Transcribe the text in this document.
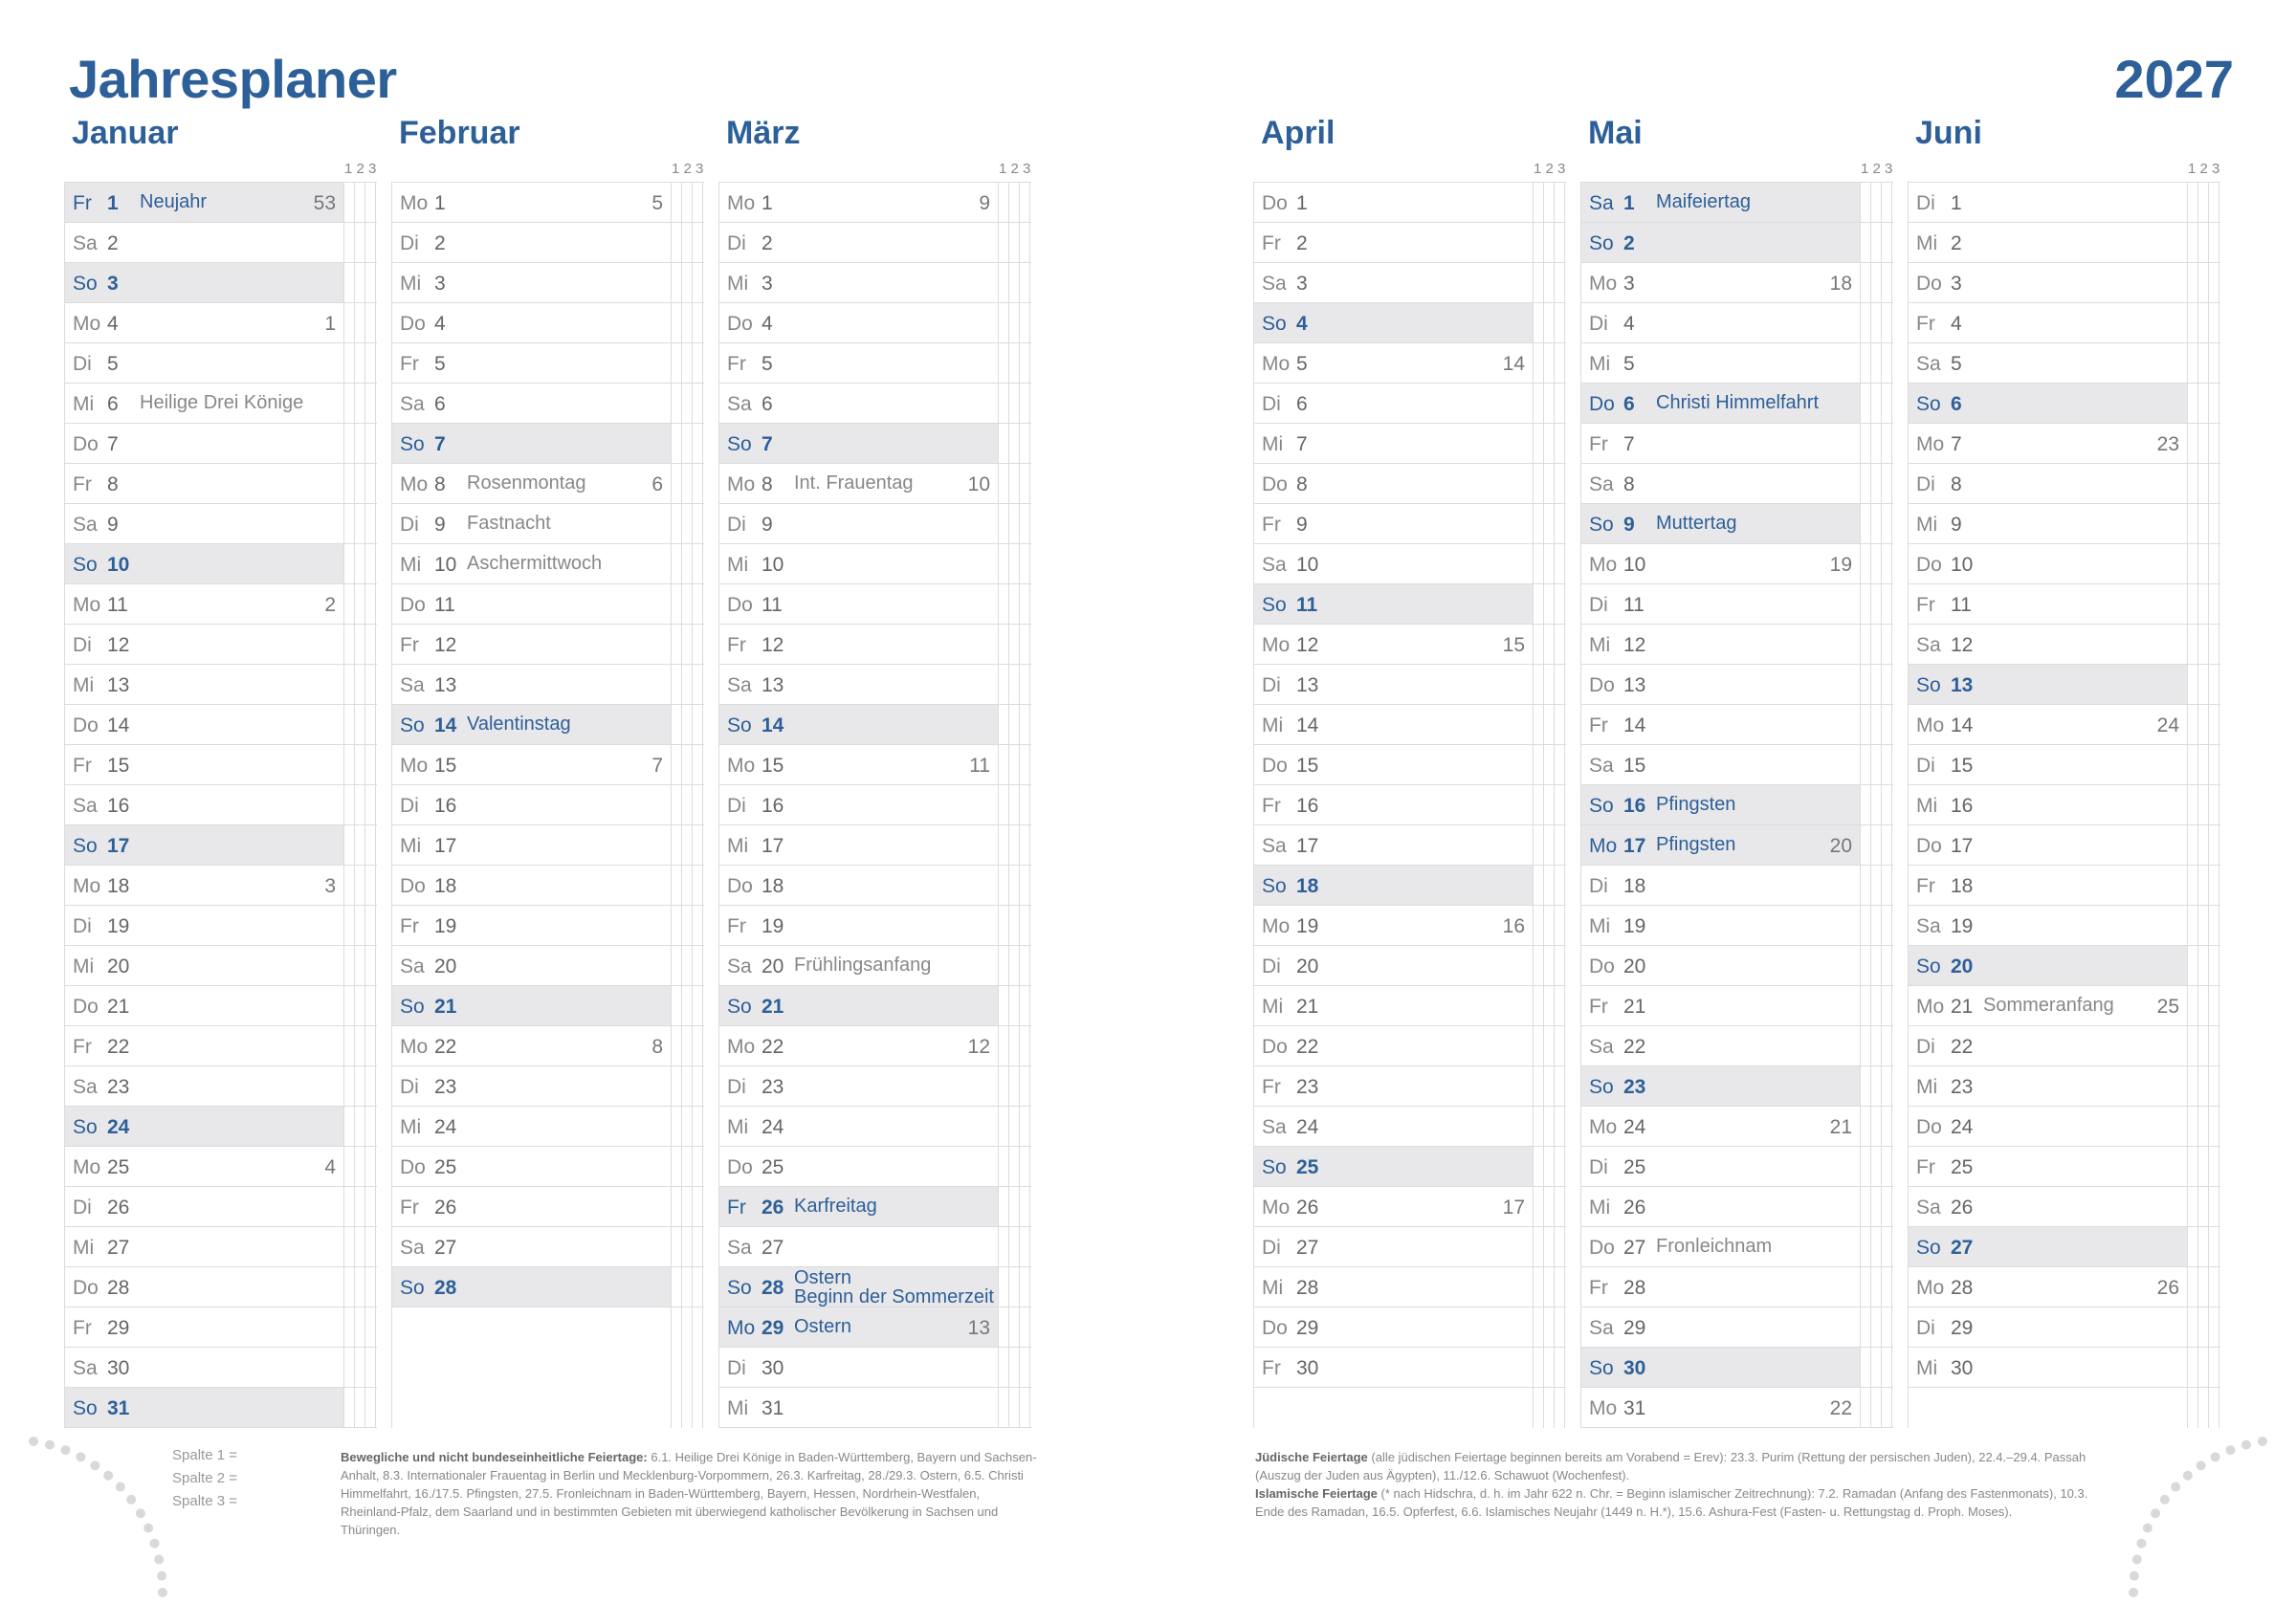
Jahresplaner	2027
Januar
1 2 3
Fr 1 Neujahr	53
Sa 2
So 3
Mo 4	1
Di 5
Mi 6 Heilige Drei Könige
Do 7
Fr 8
Sa 9
So 10
Mo 11	2
Di 12
Mi 13
Do 14
Fr 15
Sa 16
So 17
Mo 18	3
Di 19
Mi 20
Do 21
Fr 22
Sa 23
So 24
Mo 25	4
Di 26
Mi 27
Do 28
Fr 29
Sa 30
So 31
Februar
1 2 3
Mo 1	5
Di 2
Mi 3
Do 4
Fr 5
Sa 6
So 7
Mo 8 Rosenmontag	6
Di 9 Fastnacht
Mi 10 Aschermittwoch
Do 11
Fr 12
Sa 13
So 14 Valentinstag
Mo 15	7
Di 16
Mi 17
Do 18
Fr 19
Sa 20
So 21
Mo 22	8
Di 23
Mi 24
Do 25
Fr 26
Sa 27
So 28
März
1 2 3
Mo 1	9
Di 2
Mi 3
Do 4
Fr 5
Sa 6
So 7
Mo 8 Int. Frauentag	10
Di 9
Mi 10
Do 11
Fr 12
Sa 13
So 14
Mo 15	11
Di 16
Mi 17
Do 18
Fr 19
Sa 20 Frühlingsanfang
So 21
Mo 22	12
Di 23
Mi 24
Do 25
Fr 26 Karfreitag
Sa 27
So 28 Ostern
Beginn der Sommerzeit
Mo 29 Ostern	13
Di 30
Mi 31
April
1 2 3
Do 1
Fr 2
Sa 3
So 4
Mo 5	14
Di 6
Mi 7
Do 8
Fr 9
Sa 10
So 11
Mo 12	15
Di 13
Mi 14
Do 15
Fr 16
Sa 17
So 18
Mo 19	16
Di 20
Mi 21
Do 22
Fr 23
Sa 24
So 25
Mo 26	17
Di 27
Mi 28
Do 29
Fr 30
Mai
1 2 3
Sa 1 Maifeiertag
So 2
Mo 3	18
Di 4
Mi 5
Do 6 Christi Himmelfahrt
Fr 7
Sa 8
So 9 Muttertag
Mo 10	19
Di 11
Mi 12
Do 13
Fr 14
Sa 15
So 16 Pfingsten
Mo 17 Pfingsten	20
Di 18
Mi 19
Do 20
Fr 21
Sa 22
So 23
Mo 24	21
Di 25
Mi 26
Do 27 Fronleichnam
Fr 28
Sa 29
So 30
Mo 31	22
Juni
1 2 3
Di 1
Mi 2
Do 3
Fr 4
Sa 5
So 6
Mo 7	23
Di 8
Mi 9
Do 10
Fr 11
Sa 12
So 13
Mo 14	24
Di 15
Mi 16
Do 17
Fr 18
Sa 19
So 20
Mo 21 Sommeranfang 25
Di 22
Mi 23
Do 24
Fr 25
Sa 26
So 27
Mo 28	26
Di 29
Mi 30
Spalte 1 =
Spalte 2 =
Spalte 3 =
Bewegliche und nicht bundeseinheitliche Feiertage: 6.1. Heilige Drei Könige in Baden-Württemberg, Bayern und Sachsen-Anhalt, 8.3. Internationaler Frauentag in Berlin und Mecklenburg-Vorpommern, 26.3. Karfreitag, 28./29.3. Ostern, 6.5. Christi Himmelfahrt, 16./17.5. Pfingsten, 27.5. Fronleichnam in Baden-Württemberg, Bayern, Hessen, Nordrhein-Westfalen, Rheinland-Pfalz, dem Saarland und in bestimmten Gebieten mit überwiegend katholischer Bevölkerung in Sachsen und Thüringen.
Jüdische Feiertage (alle jüdischen Feiertage beginnen bereits am Vorabend = Erev): 23.3. Purim (Rettung der persischen Juden), 22.4.–29.4. Passah (Auszug der Juden aus Ägypten), 11./12.6. Schawuot (Wochenfest).
Islamische Feiertage (* nach Hidschra, d. h. im Jahr 622 n. Chr. = Beginn islamischer Zeitrechnung): 7.2. Ramadan (Anfang des Fastenmonats), 10.3. Ende des Ramadan, 16.5. Opferfest, 6.6. Islamisches Neujahr (1449 n. H.*), 15.6. Ashura-Fest (Fasten- u. Rettungstag d. Proph. Moses).
